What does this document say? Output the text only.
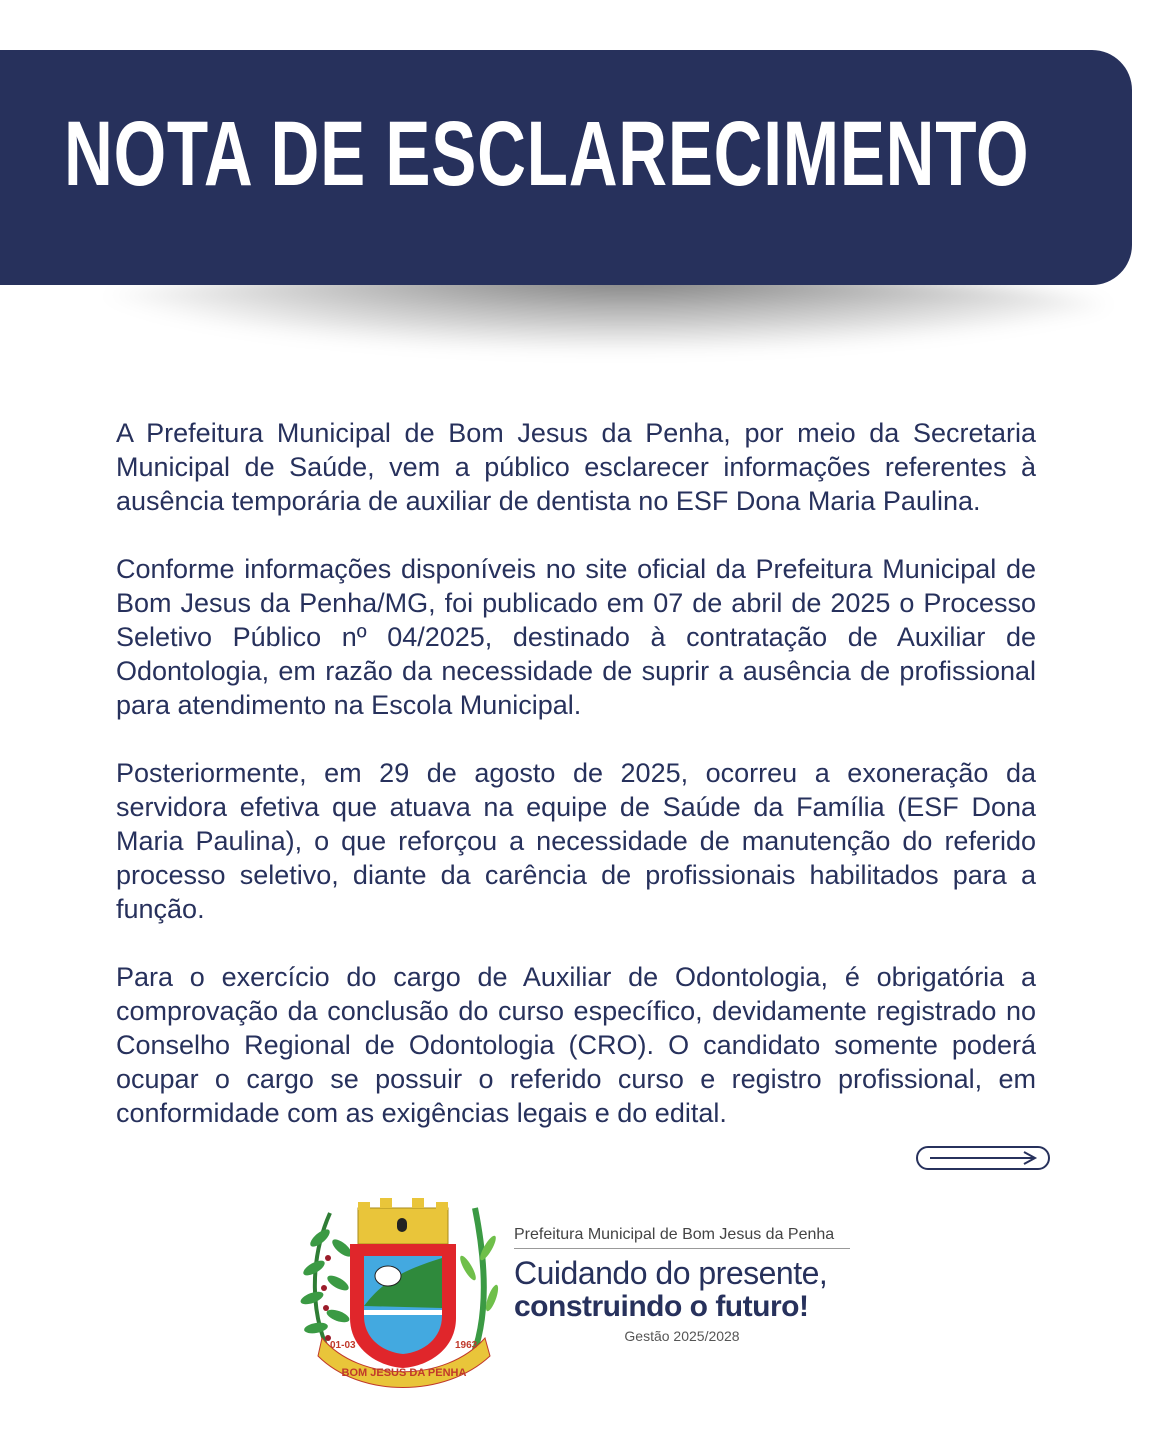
NOTA DE ESCLARECIMENTO

A Prefeitura Municipal de Bom Jesus da Penha, por meio da Secretaria Municipal de Saúde, vem a público esclarecer informações referentes à ausência temporária de auxiliar de dentista no ESF Dona Maria Paulina.

Conforme informações disponíveis no site oficial da Prefeitura Municipal de Bom Jesus da Penha/MG, foi publicado em 07 de abril de 2025 o Processo Seletivo Público nº 04/2025, destinado à contratação de Auxiliar de Odontologia, em razão da necessidade de suprir a ausência de profissional para atendimento na Escola Municipal.

Posteriormente, em 29 de agosto de 2025, ocorreu a exoneração da servidora efetiva que atuava na equipe de Saúde da Família (ESF Dona Maria Paulina), o que reforçou a necessidade de manutenção do referido processo seletivo, diante da carência de profissionais habilitados para a função.

Para o exercício do cargo de Auxiliar de Odontologia, é obrigatória a comprovação da conclusão do curso específico, devidamente registrado no Conselho Regional de Odontologia (CRO). O candidato somente poderá ocupar o cargo se possuir o referido curso e registro profissional, em conformidade com as exigências legais e do edital.

BOM JESUS DA PENHA
01-03	1963
Prefeitura Municipal de Bom Jesus da Penha
Cuidando do presente,
construindo o futuro!
Gestão 2025/2028
